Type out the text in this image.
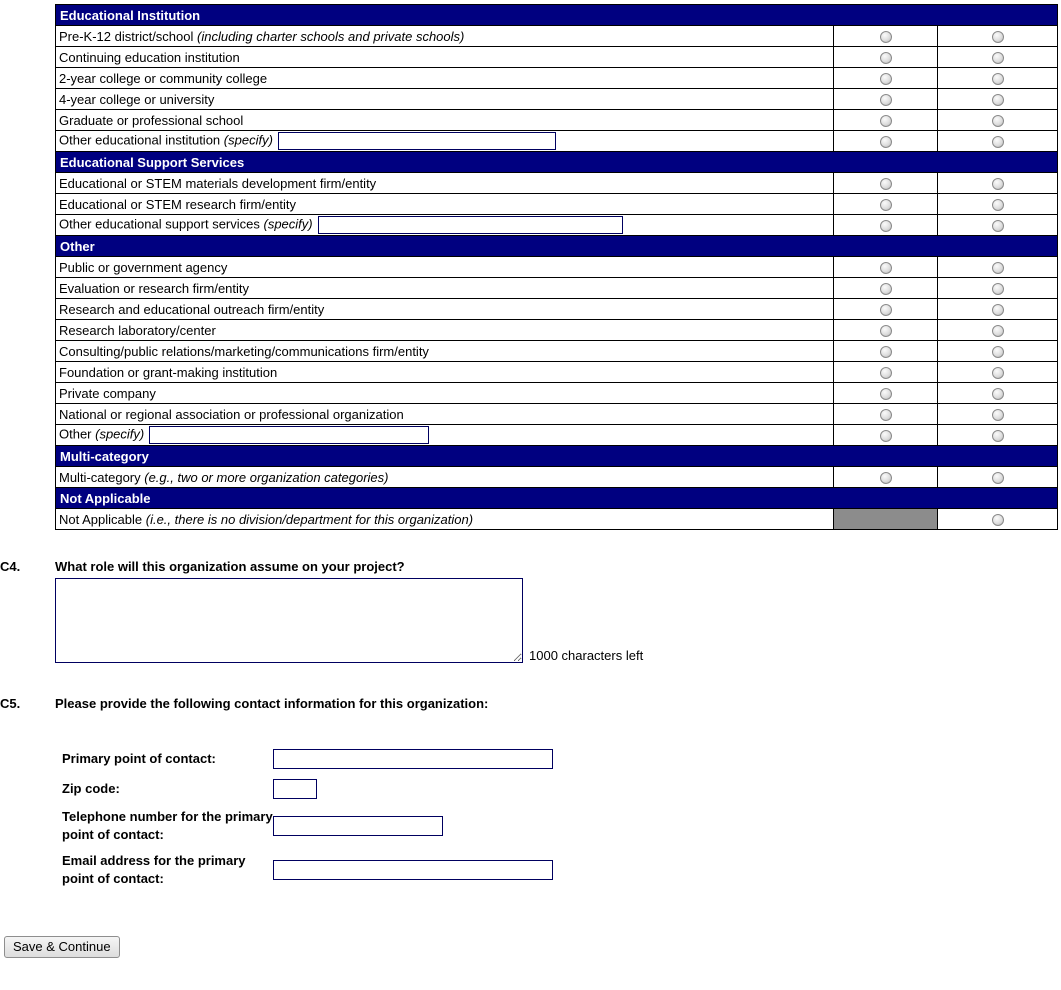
Educational Institution		
Pre-K-12 district/school (including charter schools and private schools)		
Continuing education institution		
2-year college or community college		
4-year college or university		
Graduate or professional school		
Other educational institution (specify)		
Educational Support Services		
Educational or STEM materials development firm/entity		
Educational or STEM research firm/entity		
Other educational support services (specify)		
Other		
Public or government agency		
Evaluation or research firm/entity		
Research and educational outreach firm/entity		
Research laboratory/center		
Consulting/public relations/marketing/communications firm/entity		
Foundation or grant-making institution		
Private company		
National or regional association or professional organization		
Other (specify)		
Multi-category		
Multi-category (e.g., two or more organization categories)		
Not Applicable		
Not Applicable (i.e., there is no division/department for this organization)		
C4.	What role will this organization assume on your project?
1000 characters left
C5.	Please provide the following contact information for this organization:
Primary point of contact:
Zip code:
Telephone number for the primary point of contact:
Email address for the primary point of contact:
Save & Continue
